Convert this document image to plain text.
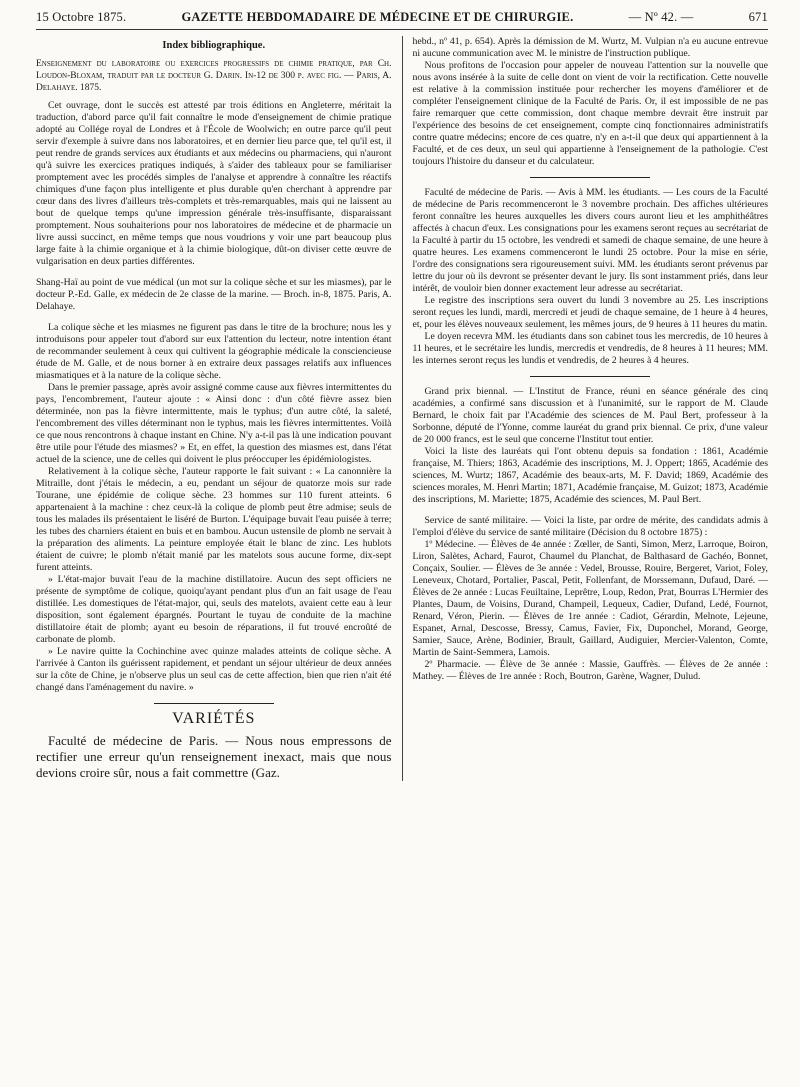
15 Octobre 1875.	GAZETTE HEBDOMADAIRE DE MÉDECINE ET DE CHIRURGIE.	— Nº 42. —	671
Index bibliographique.

Enseignement du laboratoire ou exercices progressifs de chimie pratique, par Ch. Loudon-Bloxam, traduit par le docteur G. Darin. In-12 de 300 p. avec fig. — Paris, A. Delahaye. 1875.

Cet ouvrage, dont le succès est attesté par trois éditions en Angleterre, méritait la traduction, d'abord parce qu'il fait connaître le mode d'enseignement de chimie pratique adopté au Collége royal de Londres et à l'École de Woolwich; en outre parce qu'il peut servir d'exemple à suivre dans nos laboratoires, et en dernier lieu parce que, tel qu'il est, il peut rendre de grands services aux étudiants et aux médecins ou pharmaciens, qui n'auront qu'à suivre les exercices pratiques indiqués, à s'aider des tableaux pour se familiariser promptement avec les procédés simples de l'analyse et apprendre à connaître les réactifs chimiques d'une façon plus intelligente et plus durable qu'en cherchant à apprendre par cœur dans des livres d'ailleurs très-complets et très-remarquables, mais qui ne laissent au bout de quelque temps qu'une impression générale très-insuffisante, disparaissant promptement. Nous souhaiterions pour nos laboratoires de médecine et de pharmacie un livre aussi succinct, en même temps que nous voudrions y voir une part beaucoup plus large faite à la chimie organique et à la chimie biologique, dût-on diviser cette œuvre de vulgarisation en deux parties différentes.

Shang-Haï au point de vue médical (un mot sur la colique sèche et sur les miasmes), par le docteur P.-Ed. Galle, ex médecin de 2e classe de la marine. — Broch. in-8, 1875. Paris, A. Delahaye.

La colique sèche et les miasmes ne figurent pas dans le titre de la brochure; nous les y introduisons pour appeler tout d'abord sur eux l'attention du lecteur, notre intention étant de recommander seulement à ceux qui cultivent la géographie médicale la consciencieuse étude de M. Galle, et de nous borner à en extraire deux passages relatifs aux influences miasmatiques et à la nature de la colique sèche.

Dans le premier passage, après avoir assigné comme cause aux fièvres intermittentes du pays, l'encombrement, l'auteur ajoute : « Ainsi donc : d'un côté fièvre assez bien déterminée, non pas la fièvre intermittente, mais le typhus; d'un autre côté, la saleté, l'encombrement des villes déterminant non le typhus, mais les fièvres intermittentes. Voilà ce que nous rencontrons à chaque instant en Chine. N'y a-t-il pas là une indication pouvant être utile pour l'étude des miasmes? » Et, en effet, la question des miasmes est, dans l'état actuel de la science, une de celles qui doivent le plus préoccuper les épidémiologistes.

Relativement à la colique sèche, l'auteur rapporte le fait suivant : « La canonnière la Mitraille, dont j'étais le médecin, a eu, pendant un séjour de quatorze mois sur rade Tourane, une épidémie de colique sèche. 23 hommes sur 110 furent atteints. 6 appartenaient à la machine : chez ceux-là la colique de plomb peut être admise; seuls de tous les malades ils présentaient le liséré de Burton. L'équipage buvait l'eau puisée à terre; les tubes des charniers étaient en buis et en bambou. Aucun ustensile de plomb ne servait à la préparation des aliments. La peinture employée était le blanc de zinc. Les hublots étaient de cuivre; le plomb n'était manié par les matelots sous aucune forme, dix-sept furent atteints.

» L'état-major buvait l'eau de la machine distillatoire. Aucun des sept officiers ne présente de symptôme de colique, quoiqu'ayant pendant plus d'un an fait usage de l'eau distillée. Les domestiques de l'état-major, qui, seuls des matelots, avaient cette eau à leur disposition, sont également épargnés. Pourtant le tuyau de conduite de la machine distillatoire était de plomb; ayant eu besoin de réparations, il fut trouvé encroûté de carbonate de plomb.

» Le navire quitte la Cochinchine avec quinze malades atteints de colique sèche. A l'arrivée à Canton ils guérissent rapidement, et pendant un séjour ultérieur de deux années sur la côte de Chine, je n'observe plus un seul cas de cette affection, bien que rien n'ait été changé dans l'aménagement du navire. »

VARIÉTÉS

Faculté de médecine de Paris. — Nous nous empressons de rectifier une erreur qu'un renseignement inexact, mais que nous devions croire sûr, nous a fait commettre (Gaz.

hebd., nº 41, p. 654). Après la démission de M. Wurtz, M. Vulpian n'a eu aucune entrevue ni aucune communication avec M. le ministre de l'instruction publique.

Nous profitons de l'occasion pour appeler de nouveau l'attention sur la nouvelle que nous avons insérée à la suite de celle dont on vient de voir la rectification. Cette nouvelle est relative à la commission instituée pour rechercher les moyens d'améliorer et de compléter l'enseignement clinique de la Faculté de Paris. Or, il est impossible de ne pas faire remarquer que cette commission, dont chaque membre devrait être instruit par l'expérience des besoins de cet enseignement, compte cinq fonctionnaires administratifs contre quatre médecins; encore de ces quatre, n'y en a-t-il que deux qui appartiennent à la Faculté, et de ces deux, un seul qui appartienne à l'enseignement de la pathologie. C'est toujours l'histoire du danseur et du calculateur.

Faculté de médecine de Paris. — Avis à MM. les étudiants. — Les cours de la Faculté de médecine de Paris recommenceront le 3 novembre prochain. Des affiches ultérieures feront connaître les heures auxquelles les divers cours auront lieu et les amphithéâtres affectés à chacun d'eux. Les consignations pour les examens seront reçues au secrétariat de la Faculté à partir du 15 octobre, les vendredi et samedi de chaque semaine, de une heure à quatre heures. Les examens commenceront le lundi 25 octobre. Pour la mise en série, l'ordre des consignations sera rigoureusement suivi. MM. les étudiants seront prévenus par lettre du jour où ils devront se présenter devant le jury. Ils sont instamment priés, dans leur intérêt, de vouloir bien donner exactement leur adresse au secrétariat.

Le registre des inscriptions sera ouvert du lundi 3 novembre au 25. Les inscriptions seront reçues les lundi, mardi, mercredi et jeudi de chaque semaine, de 1 heure à 4 heures, et, pour les élèves nouveaux seulement, les mêmes jours, de 9 heures à 11 heures du matin.

Le doyen recevra MM. les étudiants dans son cabinet tous les mercredis, de 10 heures à 11 heures, et le secrétaire les lundis, mercredis et vendredis, de 8 heures à 11 heures; MM. les internes seront reçus les lundis et vendredis, de 2 heures à 4 heures.

Grand prix biennal. — L'Institut de France, réuni en séance générale des cinq académies, a confirmé sans discussion et à l'unanimité, sur le rapport de M. Claude Bernard, le choix fait par l'Académie des sciences de M. Paul Bert, professeur à la Sorbonne, député de l'Yonne, comme lauréat du grand prix biennal. Ce prix, d'une valeur de 20 000 francs, est le seul que concerne l'Institut tout entier.

Voici la liste des lauréats qui l'ont obtenu depuis sa fondation : 1861, Académie française, M. Thiers; 1863, Académie des inscriptions, M. J. Oppert; 1865, Académie des sciences, M. Wurtz; 1867, Académie des beaux-arts, M. F. David; 1869, Académie des sciences morales, M. Henri Martin; 1871, Académie française, M. Guizot; 1873, Académie des inscriptions, M. Mariette; 1875, Académie des sciences, M. Paul Bert.

Service de santé militaire. — Voici la liste, par ordre de mérite, des candidats admis à l'emploi d'élève du service de santé militaire (Décision du 8 octobre 1875) :

1º Médecine. — Élèves de 4e année : Zœller, de Santi, Simon, Merz, Larroque, Boiron, Liron, Salètes, Achard, Faurot, Chaumel du Planchat, de Balthasard de Gachéo, Bonnet, Conçaix, Soulier. — Élèves de 3e année : Vedel, Brousse, Rouire, Bergeret, Variot, Foley, Leneveux, Chotard, Portalier, Pascal, Petit, Follenfant, de Morssemann, Dufaud, Daré. — Élèves de 2e année : Lucas Feuiltaine, Leprêtre, Loup, Redon, Prat, Bourras L'Hermier des Plantes, Daum, de Voisins, Durand, Champeil, Lequeux, Cadier, Dufand, Ledé, Fournot, Renard, Véron, Pierin. — Élèves de 1re année : Cadiot, Gérardin, Melnote, Lejeune, Espanet, Arnal, Descosse, Bressy, Camus, Favier, Fix, Duponchel, Morand, George, Samier, Sauce, Arène, Bodinier, Brault, Gaillard, Audiguier, Mercier-Valenton, Comte, Martin de Saint-Semmera, Lamois.

2º Pharmacie. — Élève de 3e année : Massie, Gauffrès. — Élèves de 2e année : Mathey. — Élèves de 1re année : Roch, Boutron, Garène, Wagner, Dulud.
